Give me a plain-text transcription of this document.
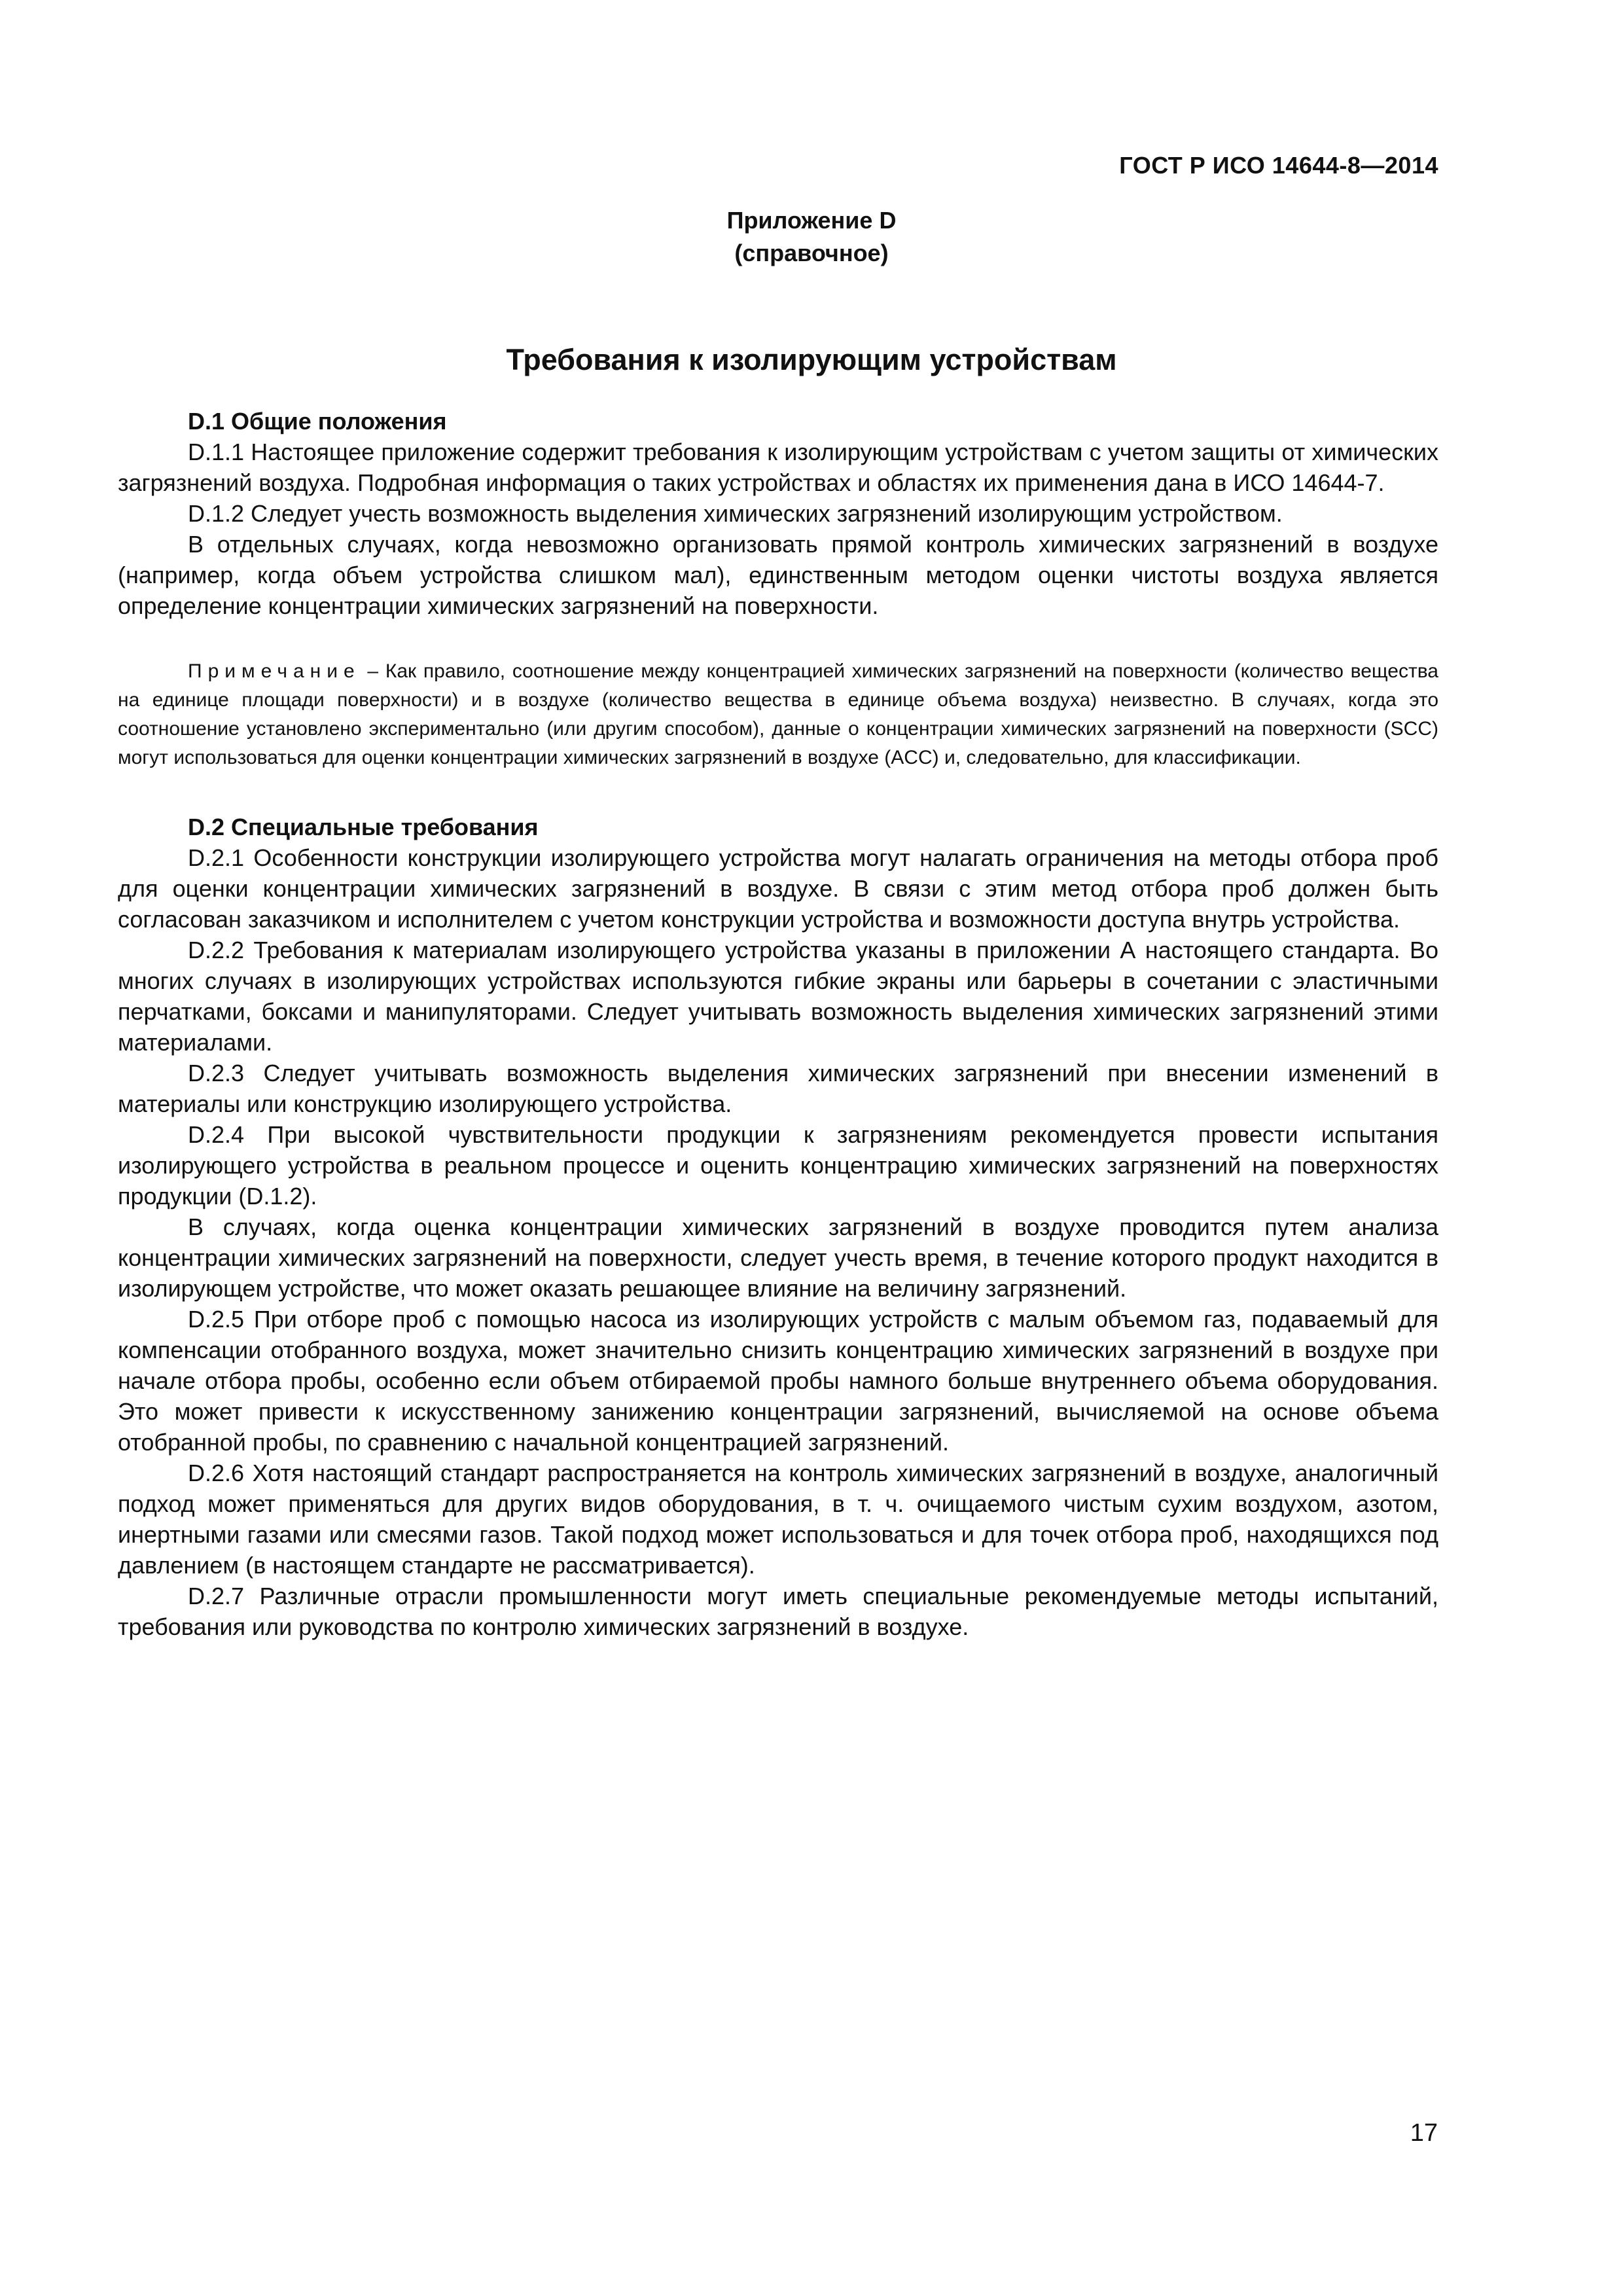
ГОСТ Р ИСО 14644-8—2014
Приложение D
(справочное)
Требования к изолирующим устройствам

D.1 Общие положения

D.1.1 Настоящее приложение содержит требования к изолирующим устройствам с учетом защиты от химических загрязнений воздуха. Подробная информация о таких устройствах и областях их применения дана в ИСО 14644-7.

D.1.2 Следует учесть возможность выделения химических загрязнений изолирующим устройством.

В отдельных случаях, когда невозможно организовать прямой контроль химических загрязнений в воздухе (например, когда объем устройства слишком мал), единственным методом оценки чистоты воздуха является определение концентрации химических загрязнений на поверхности.

Примечание – Как правило, соотношение между концентрацией химических загрязнений на поверхности (количество вещества на единице площади поверхности) и в воздухе (количество вещества в единице объема воздуха) неизвестно. В случаях, когда это соотношение установлено экспериментально (или другим способом), данные о концентрации химических загрязнений на поверхности (SCC) могут использоваться для оценки концентрации химических загрязнений в воздухе (ACC) и, следовательно, для классификации.

D.2 Специальные требования

D.2.1 Особенности конструкции изолирующего устройства могут налагать ограничения на методы отбора проб для оценки концентрации химических загрязнений в воздухе. В связи с этим метод отбора проб должен быть согласован заказчиком и исполнителем с учетом конструкции устройства и возможности доступа внутрь устройства.

D.2.2 Требования к материалам изолирующего устройства указаны в приложении А настоящего стандарта. Во многих случаях в изолирующих устройствах используются гибкие экраны или барьеры в сочетании с эластичными перчатками, боксами и манипуляторами. Следует учитывать возможность выделения химических загрязнений этими материалами.

D.2.3 Следует учитывать возможность выделения химических загрязнений при внесении изменений в материалы или конструкцию изолирующего устройства.

D.2.4 При высокой чувствительности продукции к загрязнениям рекомендуется провести испытания изолирующего устройства в реальном процессе и оценить концентрацию химических загрязнений на поверхностях продукции (D.1.2).

В случаях, когда оценка концентрации химических загрязнений в воздухе проводится путем анализа концентрации химических загрязнений на поверхности, следует учесть время, в течение которого продукт находится в изолирующем устройстве, что может оказать решающее влияние на величину загрязнений.

D.2.5 При отборе проб с помощью насоса из изолирующих устройств с малым объемом газ, подаваемый для компенсации отобранного воздуха, может значительно снизить концентрацию химических загрязнений в воздухе при начале отбора пробы, особенно если объем отбираемой пробы намного больше внутреннего объема оборудования. Это может привести к искусственному занижению концентрации загрязнений, вычисляемой на основе объема отобранной пробы, по сравнению с начальной концентрацией загрязнений.

D.2.6 Хотя настоящий стандарт распространяется на контроль химических загрязнений в воздухе, аналогичный подход может применяться для других видов оборудования, в т. ч. очищаемого чистым сухим воздухом, азотом, инертными газами или смесями газов. Такой подход может использоваться и для точек отбора проб, находящихся под давлением (в настоящем стандарте не рассматривается).

D.2.7 Различные отрасли промышленности могут иметь специальные рекомендуемые методы испытаний, требования или руководства по контролю химических загрязнений в воздухе.

17
